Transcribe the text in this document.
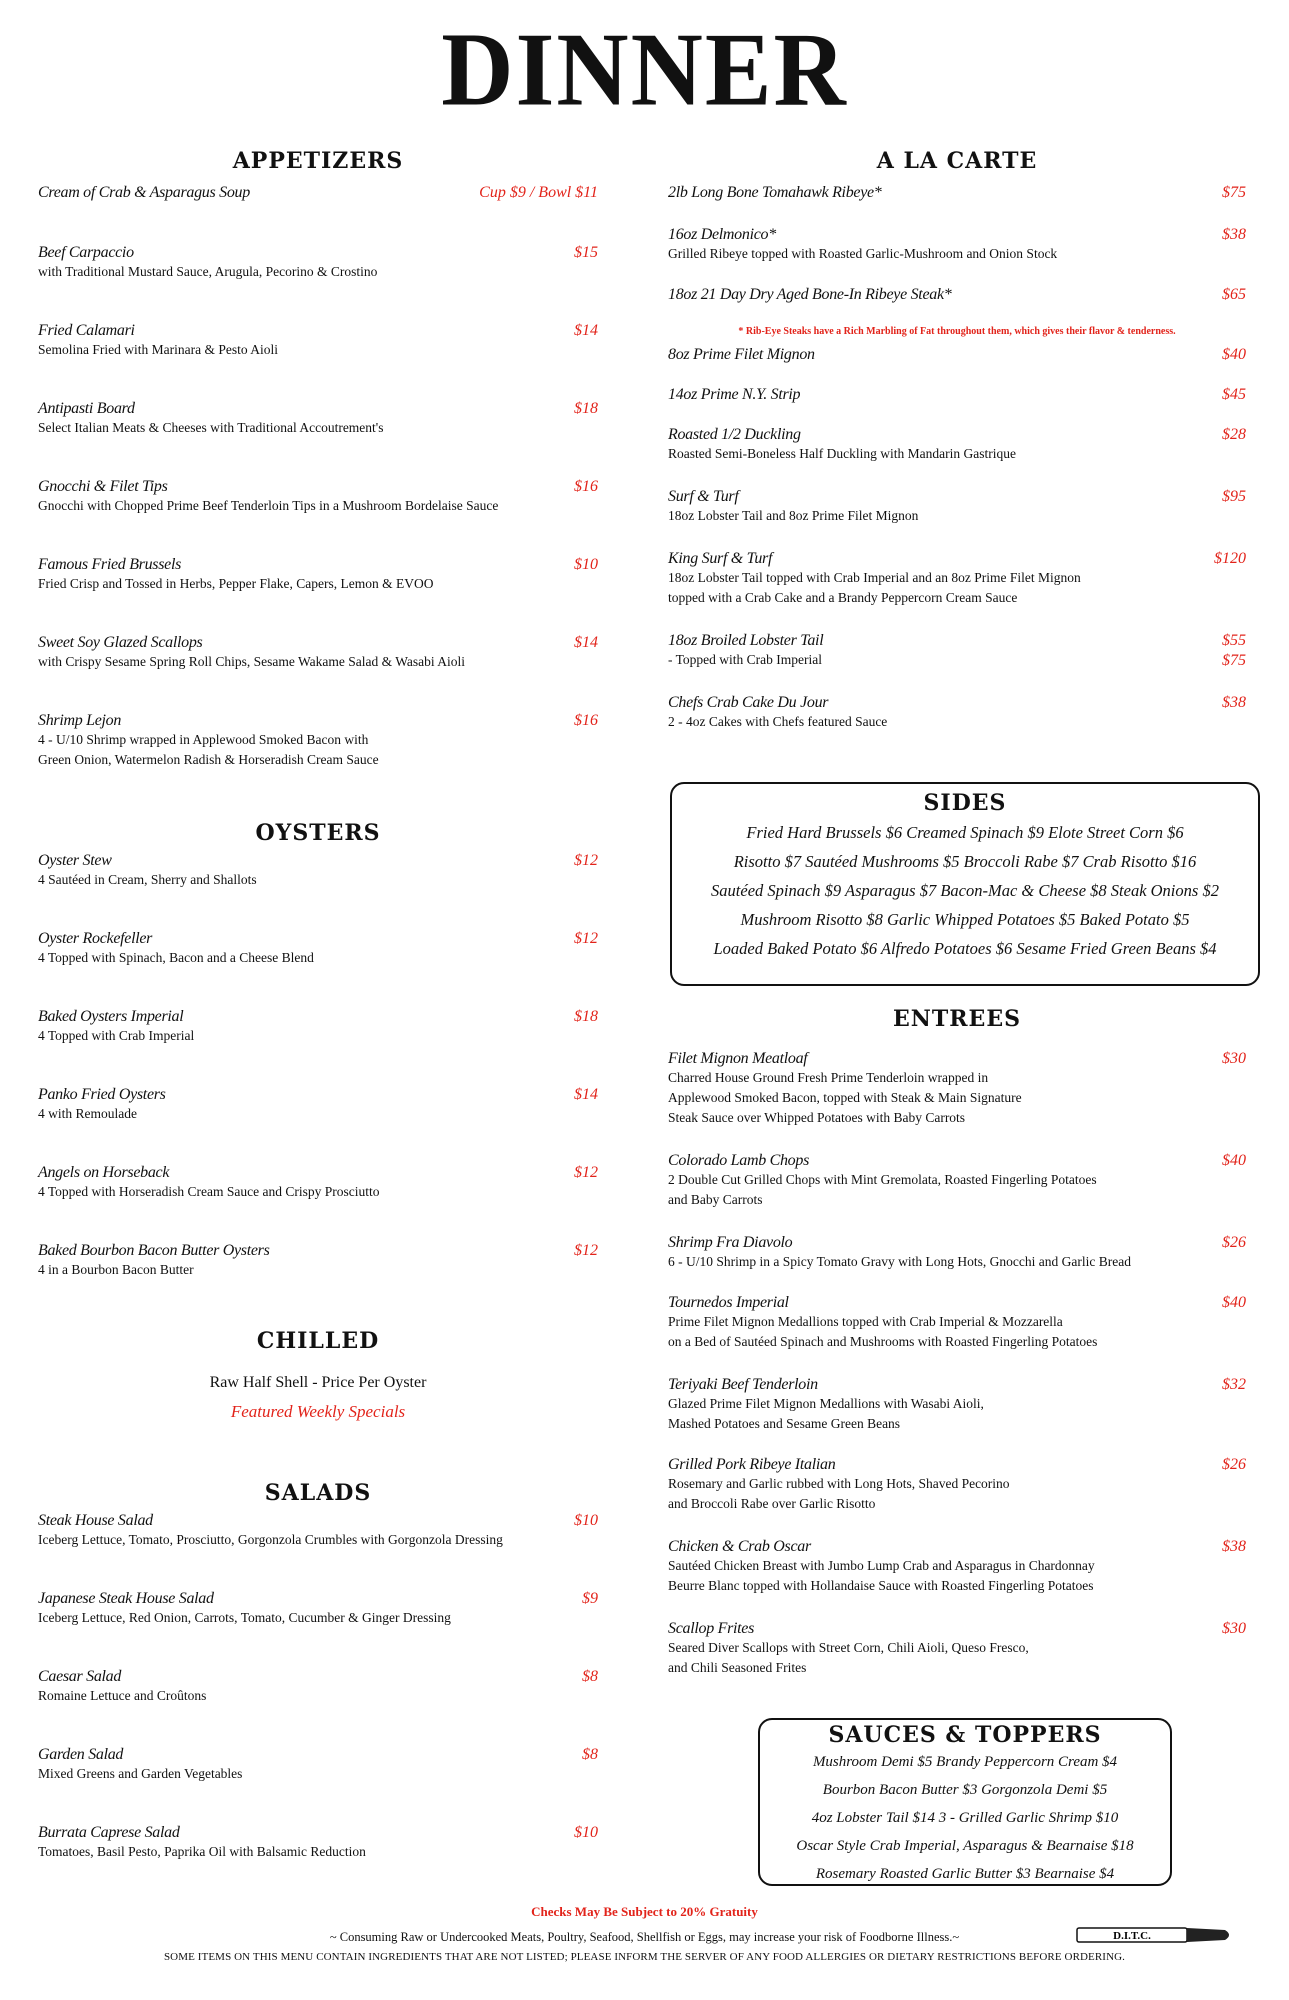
DINNER
APPETIZERS
Cream of Crab & Asparagus Soup	Cup $9 / Bowl $11
Beef Carpaccio	$15
with Traditional Mustard Sauce, Arugula, Pecorino & Crostino
Fried Calamari	$14
Semolina Fried with Marinara & Pesto Aioli
Antipasti Board	$18
Select Italian Meats & Cheeses with Traditional Accoutrement's
Gnocchi & Filet Tips	$16
Gnocchi with Chopped Prime Beef Tenderloin Tips in a Mushroom Bordelaise Sauce
Famous Fried Brussels	$10
Fried Crisp and Tossed in Herbs, Pepper Flake, Capers, Lemon & EVOO
Sweet Soy Glazed Scallops	$14
with Crispy Sesame Spring Roll Chips, Sesame Wakame Salad & Wasabi Aioli
Shrimp Lejon	$16
4 - U/10 Shrimp wrapped in Applewood Smoked Bacon with
Green Onion, Watermelon Radish & Horseradish Cream Sauce
OYSTERS
Oyster Stew	$12
4 Sautéed in Cream, Sherry and Shallots
Oyster Rockefeller	$12
4 Topped with Spinach, Bacon and a Cheese Blend
Baked Oysters Imperial	$18
4 Topped with Crab Imperial
Panko Fried Oysters	$14
4 with Remoulade
Angels on Horseback	$12
4 Topped with Horseradish Cream Sauce and Crispy Prosciutto
Baked Bourbon Bacon Butter Oysters	$12
4 in a Bourbon Bacon Butter
CHILLED
Raw Half Shell - Price Per Oyster
Featured Weekly Specials
SALADS
Steak House Salad	$10
Iceberg Lettuce, Tomato, Prosciutto, Gorgonzola Crumbles with Gorgonzola Dressing
Japanese Steak House Salad	$9
Iceberg Lettuce, Red Onion, Carrots, Tomato, Cucumber & Ginger Dressing
Caesar Salad	$8
Romaine Lettuce and Croûtons
Garden Salad	$8
Mixed Greens and Garden Vegetables
Burrata Caprese Salad	$10
Tomatoes, Basil Pesto, Paprika Oil with Balsamic Reduction
A LA CARTE
2lb Long Bone Tomahawk Ribeye*	$75
16oz Delmonico*	$38
Grilled Ribeye topped with Roasted Garlic-Mushroom and Onion Stock
18oz 21 Day Dry Aged Bone-In Ribeye Steak*	$65
8oz Prime Filet Mignon	$40
14oz Prime N.Y. Strip	$45
Roasted 1/2 Duckling	$28
Roasted Semi-Boneless Half Duckling with Mandarin Gastrique
Surf & Turf	$95
18oz Lobster Tail and 8oz Prime Filet Mignon
King Surf & Turf	$120
18oz Lobster Tail topped with Crab Imperial and an 8oz Prime Filet Mignon
topped with a Crab Cake and a Brandy Peppercorn Cream Sauce
18oz Broiled Lobster Tail	$55
- Topped with Crab Imperial	$75
Chefs Crab Cake Du Jour	$38
2 - 4oz Cakes with Chefs featured Sauce
* Rib-Eye Steaks have a Rich Marbling of Fat throughout them, which gives their flavor & tenderness.
ENTREES
Filet Mignon Meatloaf	$30
Charred House Ground Fresh Prime Tenderloin wrapped in
Applewood Smoked Bacon, topped with Steak & Main Signature
Steak Sauce over Whipped Potatoes with Baby Carrots
Colorado Lamb Chops	$40
2 Double Cut Grilled Chops with Mint Gremolata, Roasted Fingerling Potatoes
and Baby Carrots
Shrimp Fra Diavolo	$26
6 - U/10 Shrimp in a Spicy Tomato Gravy with Long Hots, Gnocchi and Garlic Bread
Tournedos Imperial	$40
Prime Filet Mignon Medallions topped with Crab Imperial & Mozzarella
on a Bed of Sautéed Spinach and Mushrooms with Roasted Fingerling Potatoes
Teriyaki Beef Tenderloin	$32
Glazed Prime Filet Mignon Medallions with Wasabi Aioli,
Mashed Potatoes and Sesame Green Beans
Grilled Pork Ribeye Italian	$26
Rosemary and Garlic rubbed with Long Hots, Shaved Pecorino
and Broccoli Rabe over Garlic Risotto
Chicken & Crab Oscar	$38
Sautéed Chicken Breast with Jumbo Lump Crab and Asparagus in Chardonnay
Beurre Blanc topped with Hollandaise Sauce with Roasted Fingerling Potatoes
Scallop Frites	$30
Seared Diver Scallops with Street Corn, Chili Aioli, Queso Fresco,
and Chili Seasoned Frites
SIDES
Fried Hard Brussels $6 Creamed Spinach $9 Elote Street Corn $6
Risotto $7 Sautéed Mushrooms $5 Broccoli Rabe $7 Crab Risotto $16
Sautéed Spinach $9 Asparagus $7 Bacon-Mac & Cheese $8 Steak Onions $2
Mushroom Risotto $8 Garlic Whipped Potatoes $5 Baked Potato $5
Loaded Baked Potato $6 Alfredo Potatoes $6 Sesame Fried Green Beans $4
SAUCES & TOPPERS
Mushroom Demi $5 Brandy Peppercorn Cream $4
Bourbon Bacon Butter $3 Gorgonzola Demi $5
4oz Lobster Tail $14 3 - Grilled Garlic Shrimp $10
Oscar Style Crab Imperial, Asparagus & Bearnaise $18
Rosemary Roasted Garlic Butter $3 Bearnaise $4
Checks May Be Subject to 20% Gratuity
~ Consuming Raw or Undercooked Meats, Poultry, Seafood, Shellfish or Eggs, may increase your risk of Foodborne Illness.~
SOME ITEMS ON THIS MENU CONTAIN INGREDIENTS THAT ARE NOT LISTED; PLEASE INFORM THE SERVER OF ANY FOOD ALLERGIES OR DIETARY RESTRICTIONS BEFORE ORDERING.
D.I.T.C.
